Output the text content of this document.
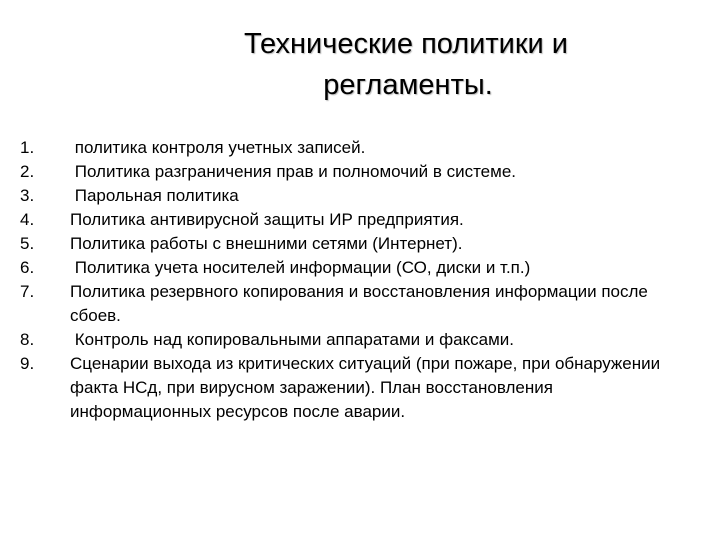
Технические политики и
регламенты.
1.	политика контроля учетных записей.
2.	Политика разграничения прав и полномочий в системе.
3.	Парольная политика
4.	Политика антивирусной защиты ИР предприятия.
5.	Политика работы с внешними сетями (Интернет).
6.	Политика учета носителей информации (СО, диски и т.п.)
7.	Политика резервного копирования и восстановления информации после сбоев.
8.	Контроль над копировальными аппаратами и факсами.
9.	Сценарии выхода из критических ситуаций (при пожаре, при обнаружении факта НСд, при вирусном заражении). План восстановления  информационных ресурсов после аварии.
